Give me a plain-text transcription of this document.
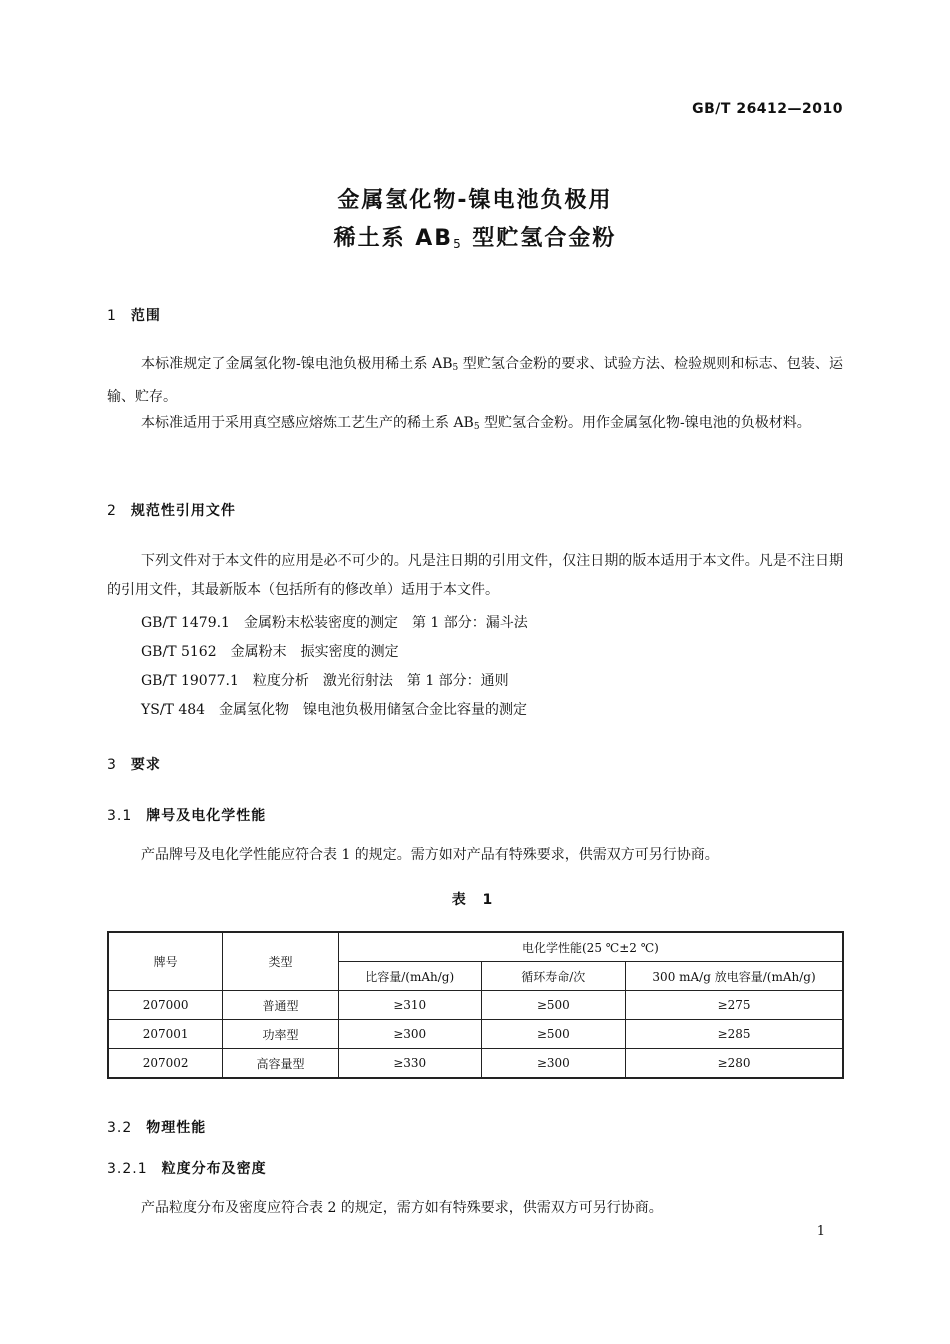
GB/T 26412—2010
金属氢化物-镍电池负极用
稀土系 $AB_5$ 型贮氢合金粉
1 范围
本标准规定了金属氢化物-镍电池负极用稀土系 $AB_5$ 型贮氢合金粉的要求、试验方法、检验规则和标志、包装、运输、贮存。
本标准适用于采用真空感应熔炼工艺生产的稀土系 $AB_5$ 型贮氢合金粉。用作金属氢化物-镍电池的负极材料。
2 规范性引用文件
下列文件对于本文件的应用是必不可少的。凡是注日期的引用文件，仅注日期的版本适用于本文件。凡是不注日期的引用文件，其最新版本（包括所有的修改单）适用于本文件。
GB/T 1479.1　金属粉末松装密度的测定　第 1 部分：漏斗法
GB/T 5162　金属粉末　振实密度的测定
GB/T 19077.1　粒度分析　激光衍射法　第 1 部分：通则
YS/T 484　金属氢化物　镍电池负极用储氢合金比容量的测定
3 要求
3.1 牌号及电化学性能
产品牌号及电化学性能应符合表 1 的规定。需方如对产品有特殊要求，供需双方可另行协商。
表 1
牌号	类型	电化学性能(25 ℃±2 ℃)		
		比容量/(mAh/g)	循环寿命/次	300 mA/g 放电容量/(mAh/g)
207000	普通型	≥310	≥500	≥275
207001	功率型	≥300	≥500	≥285
207002	高容量型	≥330	≥300	≥280
3.2 物理性能
3.2.1 粒度分布及密度
产品粒度分布及密度应符合表 2 的规定，需方如有特殊要求，供需双方可另行协商。
1
